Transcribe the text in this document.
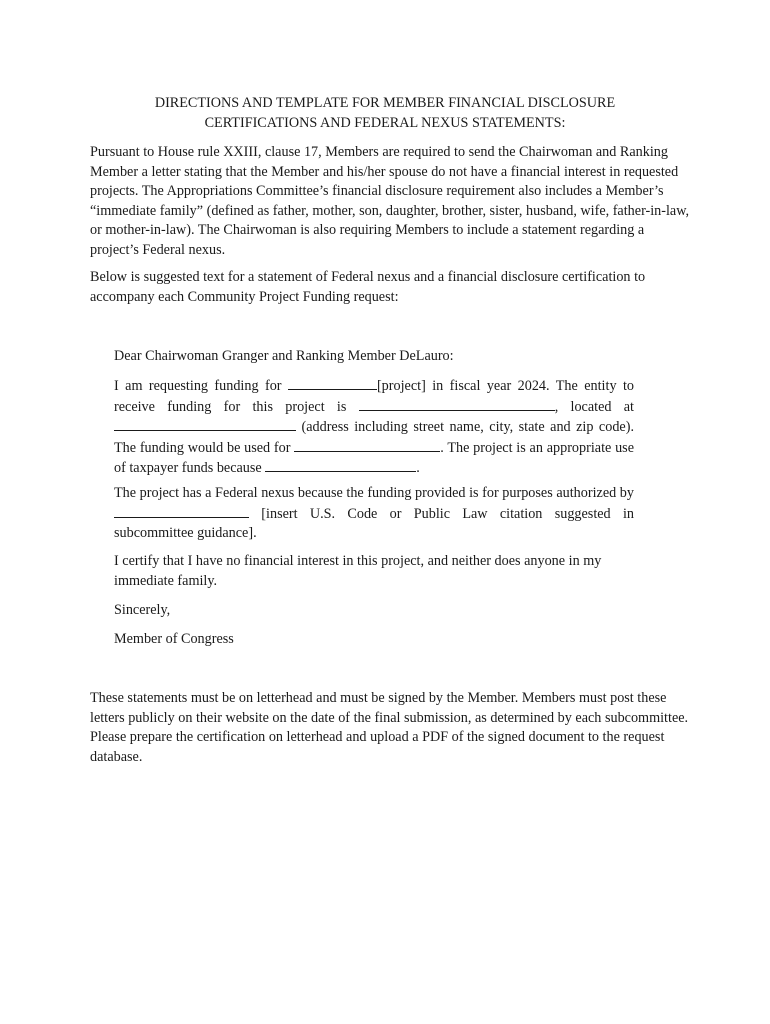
DIRECTIONS AND TEMPLATE FOR MEMBER FINANCIAL DISCLOSURE
CERTIFICATIONS AND FEDERAL NEXUS STATEMENTS:

Pursuant to House rule XXIII, clause 17, Members are required to send the Chairwoman and Ranking Member a letter stating that the Member and his/her spouse do not have a financial interest in requested projects. The Appropriations Committee’s financial disclosure requirement also includes a Member’s “immediate family” (defined as father, mother, son, daughter, brother, sister, husband, wife, father-in-law, or mother-in-law). The Chairwoman is also requiring Members to include a statement regarding a project’s Federal nexus.

Below is suggested text for a statement of Federal nexus and a financial disclosure certification to accompany each Community Project Funding request:

Dear Chairwoman Granger and Ranking Member DeLauro:

I am requesting funding for	[project] in fiscal year 2024. The entity to receive funding for this project is	, located at  (address including street name, city, state and zip code). The funding would be used for	. The project is an appropriate use of taxpayer funds because	.

The project has a Federal nexus because the funding provided is for purposes authorized by  [insert U.S. Code or Public Law citation suggested in subcommittee guidance].

I certify that I have no financial interest in this project, and neither does anyone in my immediate family.

Sincerely,

Member of Congress

These statements must be on letterhead and must be signed by the Member. Members must post these letters publicly on their website on the date of the final submission, as determined by each subcommittee. Please prepare the certification on letterhead and upload a PDF of the signed document to the request database.
